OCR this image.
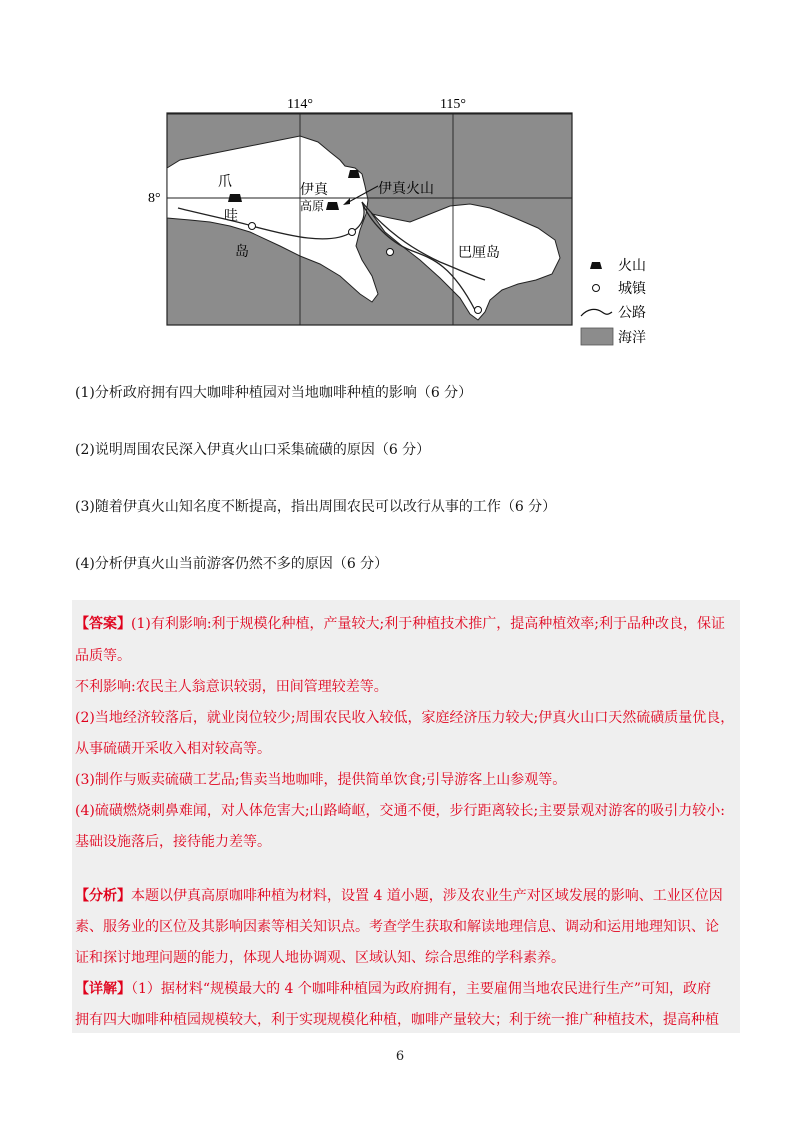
114°	115°
8°
爪
哇
岛
伊真
高原
伊真火山
巴厘岛
火山
城镇
公路
海洋
(1)分析政府拥有四大咖啡种植园对当地咖啡种植的影响（6 分）
(2)说明周围农民深入伊真火山口采集硫磺的原因（6 分）
(3)随着伊真火山知名度不断提高，指出周围农民可以改行从事的工作（6 分）
(4)分析伊真火山当前游客仍然不多的原因（6 分）
【答案】(1)有利影响:利于规模化种植，产量较大;利于种植技术推广，提高种植效率;利于品种改良，保证
品质等。
不利影响:农民主人翁意识较弱，田间管理较差等。
(2)当地经济较落后，就业岗位较少;周围农民收入较低，家庭经济压力较大;伊真火山口天然硫磺质量优良，
从事硫磺开采收入相对较高等。
(3)制作与贩卖硫磺工艺品;售卖当地咖啡，提供简单饮食;引导游客上山参观等。
(4)硫磺燃烧刺鼻难闻，对人体危害大;山路崎岖，交通不便，步行距离较长;主要景观对游客的吸引力较小:
基础设施落后，接待能力差等。
【分析】本题以伊真高原咖啡种植为材料，设置 4 道小题，涉及农业生产对区域发展的影响、工业区位因
素、服务业的区位及其影响因素等相关知识点。考查学生获取和解读地理信息、调动和运用地理知识、论
证和探讨地理问题的能力，体现人地协调观、区域认知、综合思维的学科素养。
【详解】（1）据材料“规模最大的 4 个咖啡种植园为政府拥有，主要雇佣当地农民进行生产”可知，政府
拥有四大咖啡种植园规模较大，利于实现规模化种植，咖啡产量较大；利于统一推广种植技术，提高种植
6
